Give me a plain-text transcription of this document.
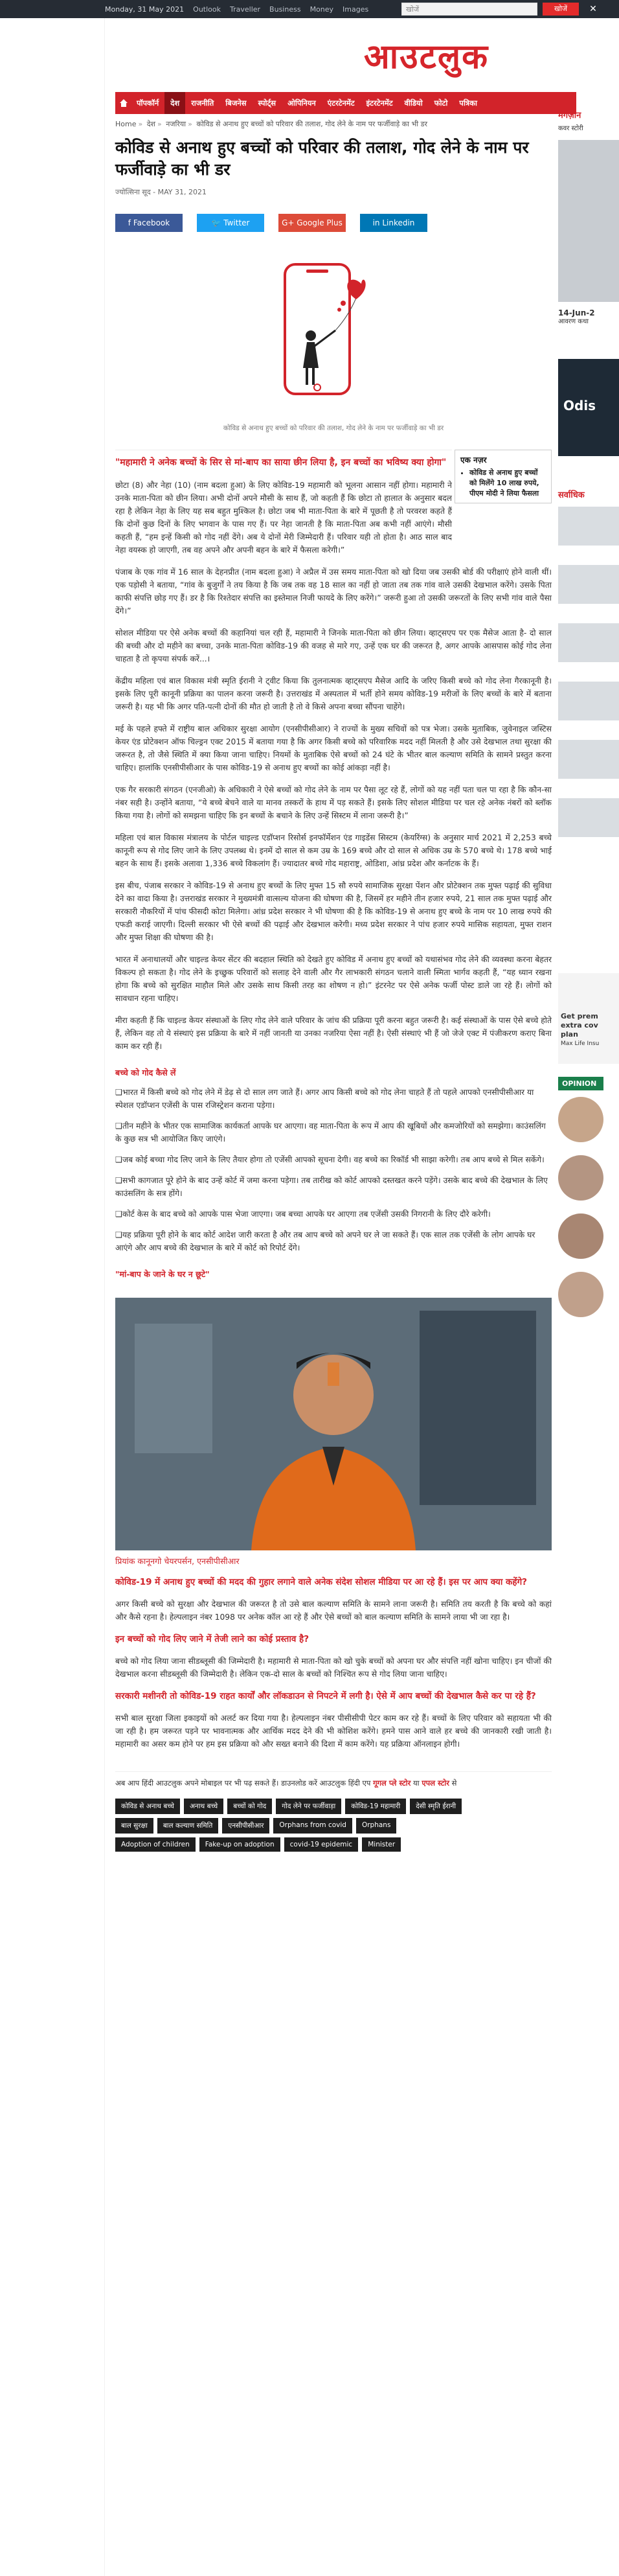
Monday, 31 May 2021 Outlook Traveller Business Money Images	खोजें	खोजें	✕
आउटलुक
पॉपकॉर्न	देश	राजनीति	बिजनेस	स्पोर्ट्स	ओपिनियन	एंटरटेनमेंट	इंटरटेनमेंट	वीडियो	फोटो	पत्रिका
Home » देश » नजरिया » कोविड से अनाथ हुए बच्चों को परिवार की तलाश, गोद लेने के नाम पर फर्जीवाड़े का भी डर
कोविड से अनाथ हुए बच्चों को परिवार की तलाश, गोद लेने के नाम पर फर्जीवाड़े का भी डर
ज्योत्सिना सूद - MAY 31, 2021
f Facebook	🐦 Twitter	G+ Google Plus	in Linkedin
कोविड से अनाथ हुए बच्चों को परिवार की तलाश, गोद लेने के नाम पर फर्जीवाड़े का भी डर
"महामारी ने अनेक बच्चों के सिर से मां-बाप का साया छीन लिया है, इन बच्चों का भविष्य क्या होगा"	एक नज़र
• कोविड से अनाथ हुए बच्चों को मिलेंगे 10 लाख रुपये, पीएम मोदी ने लिया फैसला

छोटा (8) और नेहा (10) (नाम बदला हुआ) के लिए कोविड-19 महामारी को भूलना आसान नहीं होगा। महामारी ने उनके माता-पिता को छीन लिया। अभी दोनों अपने मौसी के साथ हैं, जो कहती हैं कि छोटा तो हालात के अनुसार बदल रहा है लेकिन नेहा के लिए यह सब बहुत मुश्किल है। छोटा जब भी माता-पिता के बारे में पूछती है तो परवरश कहते हैं कि दोनों कुछ दिनों के लिए भगवान के पास गए हैं। पर नेहा जानती है कि माता-पिता अब कभी नहीं आएंगे। मौसी कहती हैं, “हम इन्हें किसी को गोद नहीं देंगे। अब ये दोनों मेरी जिम्मेदारी हैं। परिवार यही तो होता है। आठ साल बाद नेहा वयस्क हो जाएगी, तब वह अपने और अपनी बहन के बारे में फैसला करेगी।”

पंजाब के एक गांव में 16 साल के देहनप्रीत (नाम बदला हुआ) ने अप्रैल में उस समय माता-पिता को खो दिया जब उसकी बोर्ड की परीक्षाएं होने वाली थीं। एक पड़ोसी ने बताया, “गांव के बुजुर्गों ने तय किया है कि जब तक वह 18 साल का नहीं हो जाता तब तक गांव वाले उसकी देखभाल करेंगे। उसके पिता काफी संपत्ति छोड़ गए हैं। डर है कि रिश्तेदार संपत्ति का इस्तेमाल निजी फायदे के लिए करेंगे।” जरूरी हुआ तो उसकी जरूरतों के लिए सभी गांव वाले पैसा देंगे।”

सोशल मीडिया पर ऐसे अनेक बच्चों की कहानियां चल रही हैं, महामारी ने जिनके माता-पिता को छीन लिया। व्हाट्सएप पर एक मैसेज आता है- दो साल की बच्ची और दो महीने का बच्चा, उनके माता-पिता कोविड-19 की वजह से मारे गए, उन्हें एक घर की जरूरत है, अगर आपके आसपास कोई गोद लेना चाहता है तो कृपया संपर्क करें...।

केंद्रीय महिला एवं बाल विकास मंत्री स्मृति ईरानी ने ट्वीट किया कि तुलनात्मक व्हाट्सएप मैसेज आदि के जरिए किसी बच्चे को गोद लेना गैरकानूनी है। इसके लिए पूरी कानूनी प्रक्रिया का पालन करना जरूरी है। उत्तराखंड में अस्पताल में भर्ती होने समय कोविड-19 मरीजों के लिए बच्चों के बारे में बताना जरूरी है। यह भी कि अगर पति-पत्नी दोनों की मौत हो जाती है तो वे किसे अपना बच्चा सौंपना चाहेंगे।

मई के पहले हफ्ते में राष्ट्रीय बाल अधिकार सुरक्षा आयोग (एनसीपीसीआर) ने राज्यों के मुख्य सचिवों को पत्र भेजा। उसके मुताबिक, जुवेनाइल जस्टिस केयर एंड प्रोटेक्शन ऑफ चिल्ड्रन एक्ट 2015 में बताया गया है कि अगर किसी बच्चे को परिवारिक मदद नहीं मिलती है और उसे देखभाल तथा सुरक्षा की जरूरत है, तो जैसे स्थिति में क्या किया जाना चाहिए। नियमों के मुताबिक ऐसे बच्चों को 24 घंटे के भीतर बाल कल्याण समिति के सामने प्रस्तुत करना चाहिए। हालांकि एनसीपीसीआर के पास कोविड-19 से अनाथ हुए बच्चों का कोई आंकड़ा नहीं है।

एक गैर सरकारी संगठन (एनजीओ) के अधिकारी ने ऐसे बच्चों को गोद लेने के नाम पर पैसा लूट रहे हैं, लोगों को यह नहीं पता चल पा रहा है कि कौन-सा नंबर सही है। उन्होंने बताया, “ये बच्चे बेचने वाले या मानव तस्करों के हाथ में पड़ सकते हैं। इसके लिए सोशल मीडिया पर चल रहे अनेक नंबरों को ब्लॉक किया गया है। लोगों को समझना चाहिए कि इन बच्चों के बचाने के लिए उन्हें सिस्टम में लाना जरूरी है।”

महिला एवं बाल विकास मंत्रालय के पोर्टल चाइल्ड एडॉप्शन रिसोर्स इनफॉर्मेशन एंड गाइडेंस सिस्टम (केयरिंग्स) के अनुसार मार्च 2021 में 2,253 बच्चे कानूनी रूप से गोद लिए जाने के लिए उपलब्ध थे। इनमें दो साल से कम उम्र के 169 बच्चे और दो साल से अधिक उम्र के 570 बच्चे थे। 178 बच्चे भाई बहन के साथ हैं। इसके अलावा 1,336 बच्चे विकलांग हैं। ज्यादातर बच्चे गोद महाराष्ट्र, ओडिशा, आंध्र प्रदेश और कर्नाटक के हैं।

इस बीच, पंजाब सरकार ने कोविड-19 से अनाथ हुए बच्चों के लिए मुफ्त 15 सौ रुपये सामाजिक सुरक्षा पेंशन और प्रोटेक्शन तक मुफ्त पढ़ाई की सुविधा देने का वादा किया है। उत्तराखंड सरकार ने मुख्यमंत्री वात्सल्य योजना की घोषणा की है, जिसमें हर महीने तीन हजार रुपये, 21 साल तक मुफ्त पढ़ाई और सरकारी नौकरियों में पांच फीसदी कोटा मिलेगा। आंध्र प्रदेश सरकार ने भी घोषणा की है कि कोविड-19 से अनाथ हुए बच्चे के नाम पर 10 लाख रुपये की एफडी कराई जाएगी। दिल्ली सरकार भी ऐसे बच्चों की पढ़ाई और देखभाल करेगी। मध्य प्रदेश सरकार ने पांच हजार रुपये मासिक सहायता, मुफ्त राशन और मुफ्त शिक्षा की घोषणा की है।

भारत में अनाथालयों और चाइल्ड केयर सेंटर की बदहाल स्थिति को देखते हुए कोविड में अनाथ हुए बच्चों को यथासंभव गोद लेने की व्यवस्था करना बेहतर विकल्प हो सकता है। गोद लेने के इच्छुक परिवारों को सलाह देने वाली और गैर लाभकारी संगठन चलाने वाली स्मिता भार्गव कहती हैं, “यह ध्यान रखना होगा कि बच्चे को सुरक्षित माहौल मिले और उसके साथ किसी तरह का शोषण न हो।” इंटरनेट पर ऐसे अनेक फर्जी पोस्ट डाले जा रहे हैं। लोगों को सावधान रहना चाहिए।

मीरा कहती हैं कि चाइल्ड केयर संस्थाओं के लिए गोद लेने वाले परिवार के जांच की प्रक्रिया पूरी करना बहुत जरूरी है। कई संस्थाओं के पास ऐसे बच्चे होते हैं, लेकिन वह तो ये संस्थाएं इस प्रक्रिया के बारे में नहीं जानती या उनका नजरिया ऐसा नहीं है। ऐसी संस्थाएं भी हैं जो जेजे एक्ट में पंजीकरण कराए बिना काम कर रही हैं।

बच्चे को गोद कैसे लें

❑भारत में किसी बच्चे को गोद लेने में डेढ़ से दो साल लग जाते हैं। अगर आप किसी बच्चे को गोद लेना चाहते हैं तो पहले आपको एनसीपीसीआर या स्पेशल एडॉप्शन एजेंसी के पास रजिस्ट्रेशन कराना पड़ेगा।

❑तीन महीने के भीतर एक सामाजिक कार्यकर्ता आपके घर आएगा। वह माता-पिता के रूप में आप की खूबियों और कमजोरियों को समझेगा। काउंसलिंग के कुछ सत्र भी आयोजित किए जाएंगे।

❑जब कोई बच्चा गोद लिए जाने के लिए तैयार होगा तो एजेंसी आपको सूचना देगी। वह बच्चे का रिकॉर्ड भी साझा करेगी। तब आप बच्चे से मिल सकेंगे।

❑सभी कागजात पूरे होने के बाद उन्हें कोर्ट में जमा करना पड़ेगा। तब तारीख को कोर्ट आपको दस्तखत करने पड़ेंगे। उसके बाद बच्चे की देखभाल के लिए काउंसलिंग के सत्र होंगे।

❑कोर्ट केस के बाद बच्चे को आपके पास भेजा जाएगा। जब बच्चा आपके घर आएगा तब एजेंसी उसकी निगरानी के लिए दौरे करेगी।

❑यह प्रक्रिया पूरी होने के बाद कोर्ट आदेश जारी करता है और तब आप बच्चे को अपने घर ले जा सकते हैं। एक साल तक एजेंसी के लोग आपके घर आएंगे और आप बच्चे की देखभाल के बारे में कोर्ट को रिपोर्ट देंगे।

"मां-बाप के जाने के घर न छूटे"
प्रियांक कानूनगो चेयरपर्सन, एनसीपीसीआर
कोविड-19 में अनाथ हुए बच्चों की मदद की गुहार लगाने वाले अनेक संदेश सोशल मीडिया पर आ रहे हैं। इस पर आप क्या कहेंगे?

अगर किसी बच्चे को सुरक्षा और देखभाल की जरूरत है तो उसे बाल कल्याण समिति के सामने लाना जरूरी है। समिति तय करती है कि बच्चे को कहां और कैसे रहना है। हेल्पलाइन नंबर 1098 पर अनेक कॉल आ रहे हैं और ऐसे बच्चों को बाल कल्याण समिति के सामने लाया भी जा रहा है।

इन बच्चों को गोद लिए जाने में तेजी लाने का कोई प्रस्ताव है?

बच्चे को गोद लिया जाना सीडब्लूसी की जिम्मेदारी है। महामारी से माता-पिता को खो चुके बच्चों को अपना घर और संपत्ति नहीं खोना चाहिए। इन चीजों की देखभाल करना सीडब्लूसी की जिम्मेदारी है। लेकिन एक-दो साल के बच्चों को निश्चित रूप से गोद लिया जाना चाहिए।

सरकारी मशीनरी तो कोविड-19 राहत कार्यों और लॉकडाउन से निपटने में लगी है। ऐसे में आप बच्चों की देखभाल कैसे कर पा रहे हैं?

सभी बाल सुरक्षा जिला इकाइयों को अलर्ट कर दिया गया है। हेल्पलाइन नंबर पीसीसीपी पेटर काम कर रहे हैं। बच्चों के लिए परिवार को सहायता भी की जा रही है। हम जरूरत पड़ने पर भावनात्मक और आर्थिक मदद देने की भी कोशिश करेंगे। हमने पास आने वाले हर बच्चे की जानकारी रखी जाती है। महामारी का असर कम होने पर हम इस प्रक्रिया को और सख्त बनाने की दिशा में काम करेंगे। यह प्रक्रिया ऑनलाइन होगी।

अब आप हिंदी आउटलुक अपने मोबाइल पर भी पढ़ सकते हैं। डाउनलोड करें आउटलुक हिंदी एप गूगल प्ले स्टोर या एपल स्टोर से
कोविड से अनाथ बच्चे	अनाथ बच्चे	बच्चों को गोद	गोद लेने पर फर्जीवाड़ा	कोविड-19 महामारी	देसी स्मृति ईरानी
बाल सुरक्षा	बाल कल्याण समिति	एनसीपीसीआर	Orphans from covid	Orphans
Adoption of children	Fake-up on adoption	covid-19 epidemic	Minister
मैगज़ीन
कवर स्टोरी
14-Jun-2
आवरण कथा
Odis
सर्वाधिक
Get prem
extra cov
plan
Max Life Insu
OPINION
